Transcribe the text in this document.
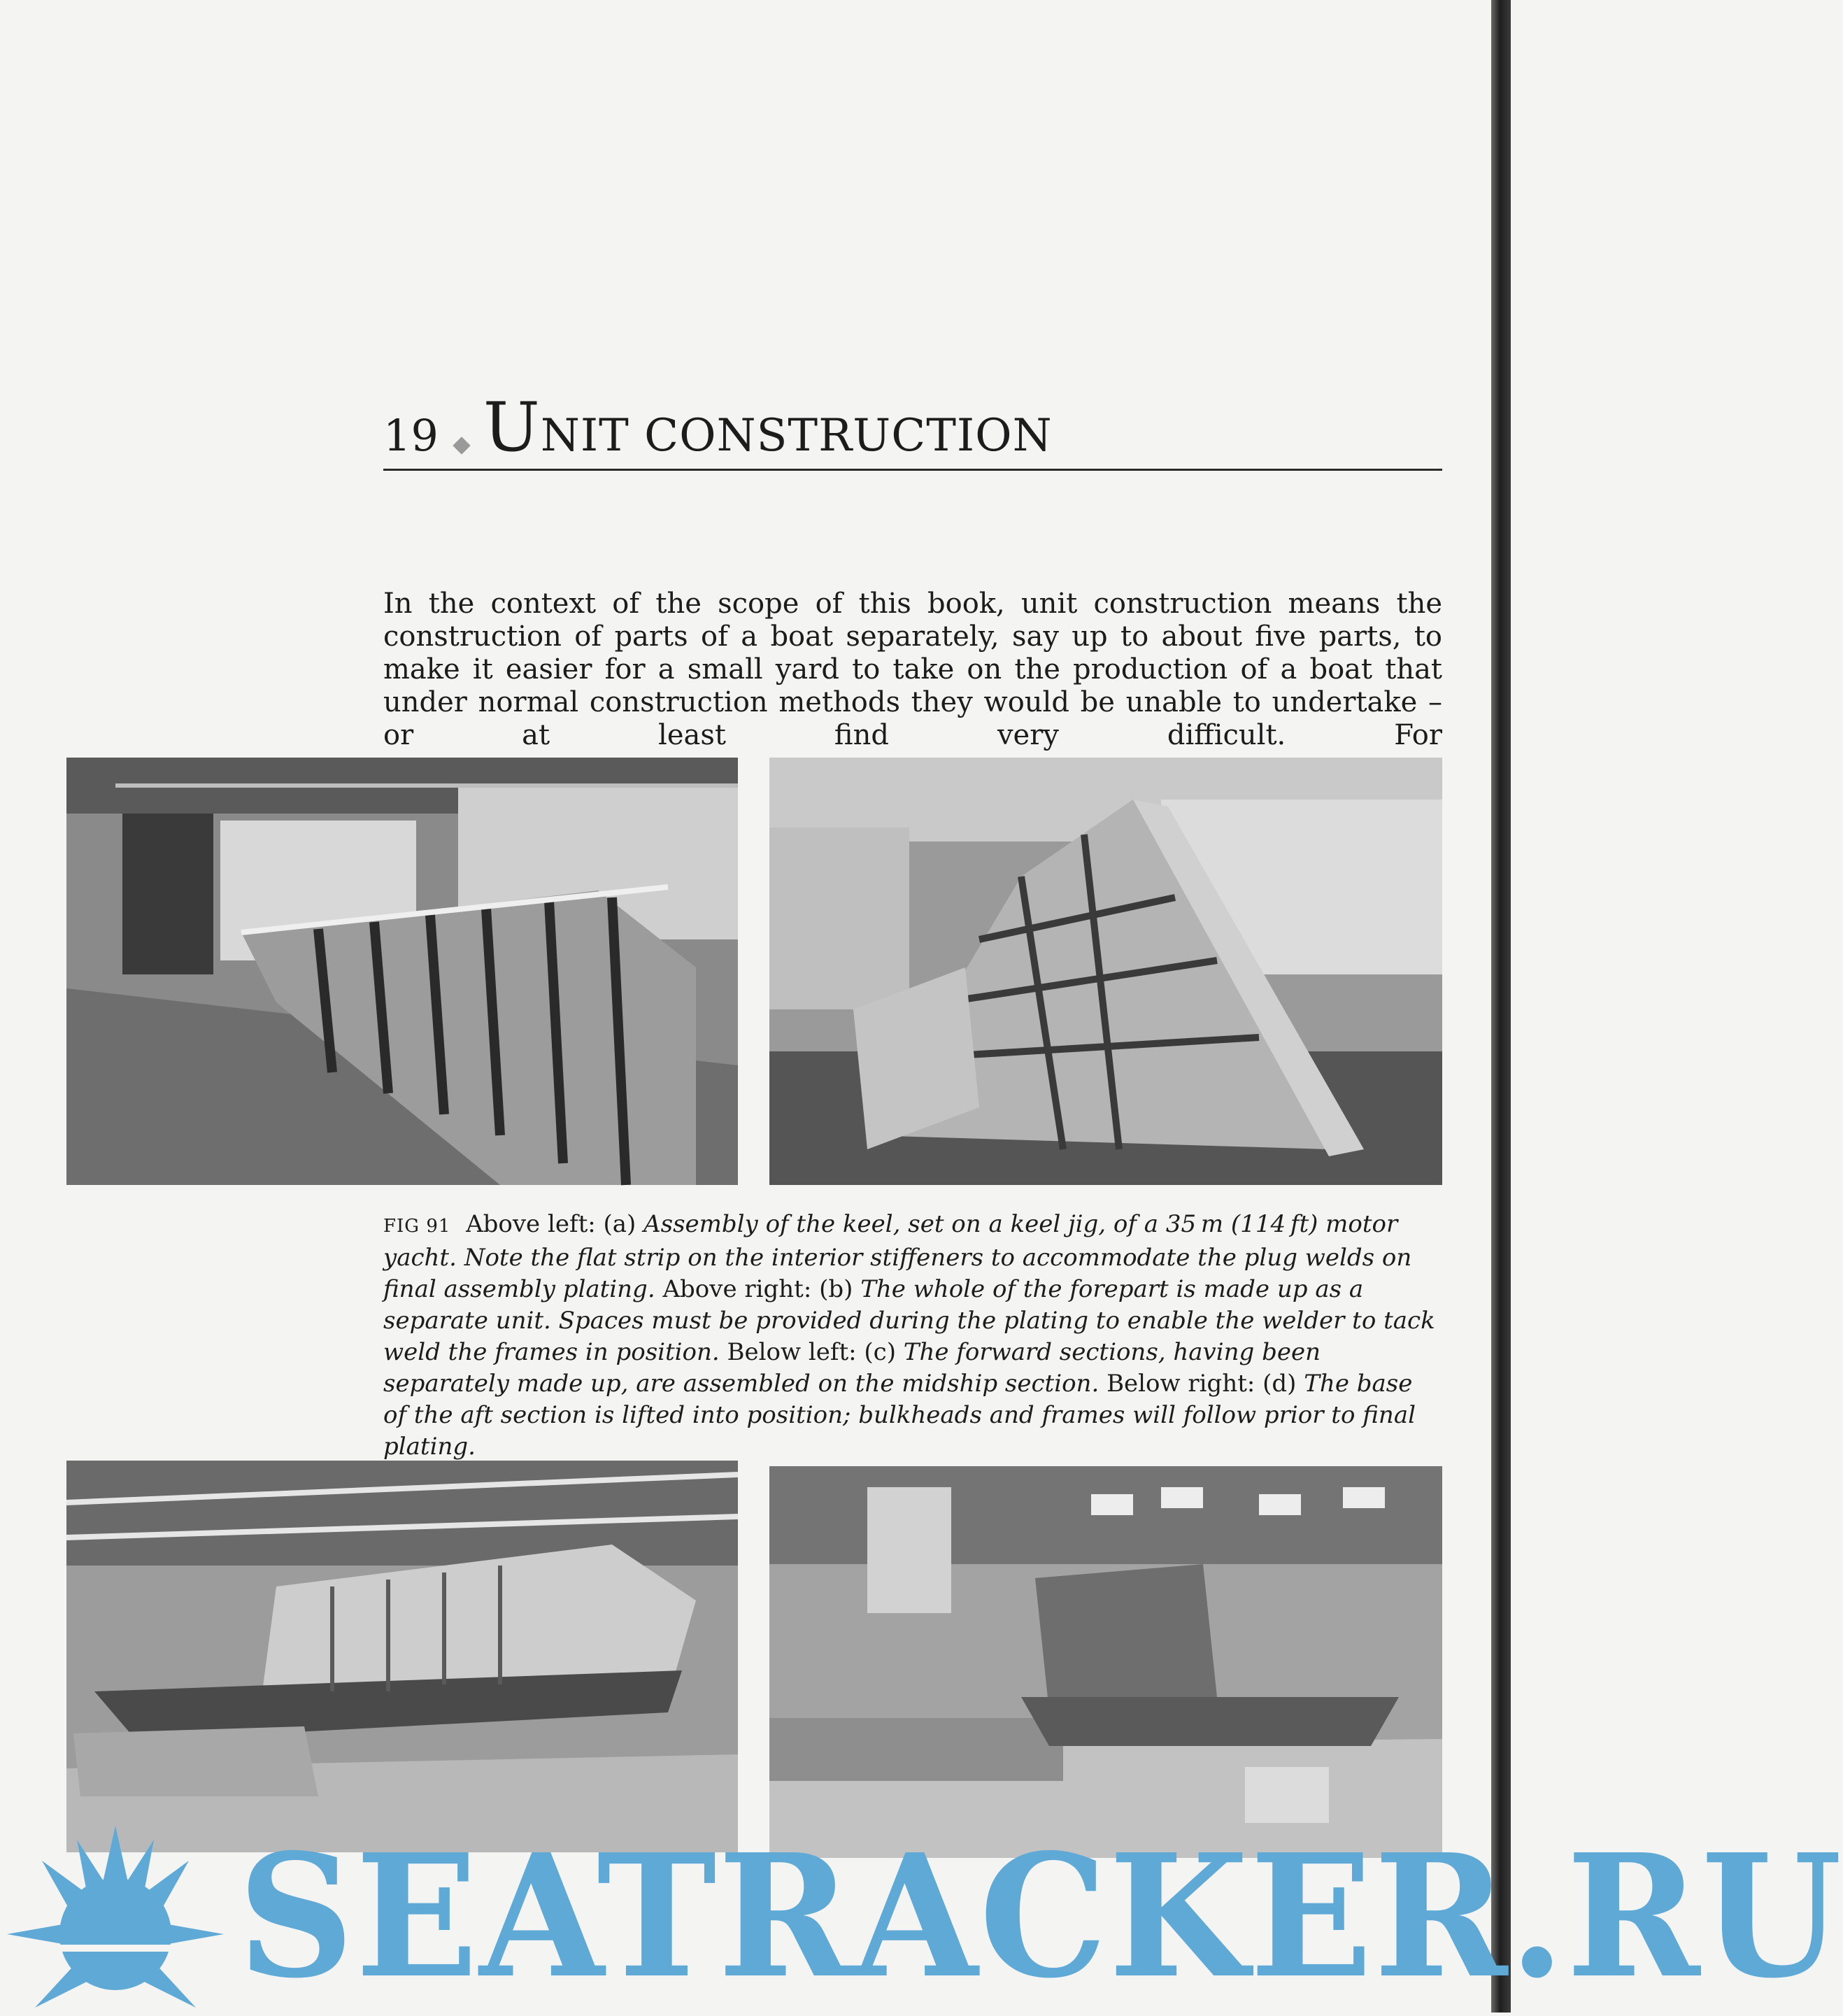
19 UNIT CONSTRUCTION

In the context of the scope of this book, unit construction means the construction of parts of a boat separately, say up to about five parts, to make it easier for a small yard to take on the production of a boat that under normal construction methods they would be unable to undertake – or at least find very difficult. For

FIG 91 Above left: (a) Assembly of the keel, set on a keel jig, of a 35 m (114 ft) motor yacht. Note the flat strip on the interior stiffeners to accommodate the plug welds on final assembly plating. Above right: (b) The whole of the forepart is made up as a separate unit. Spaces must be provided during the plating to enable the welder to tack weld the frames in position. Below left: (c) The forward sections, having been separately made up, are assembled on the midship section. Below right: (d) The base of the aft section is lifted into position; bulkheads and frames will follow prior to final plating.

SEATRACKER.RU
